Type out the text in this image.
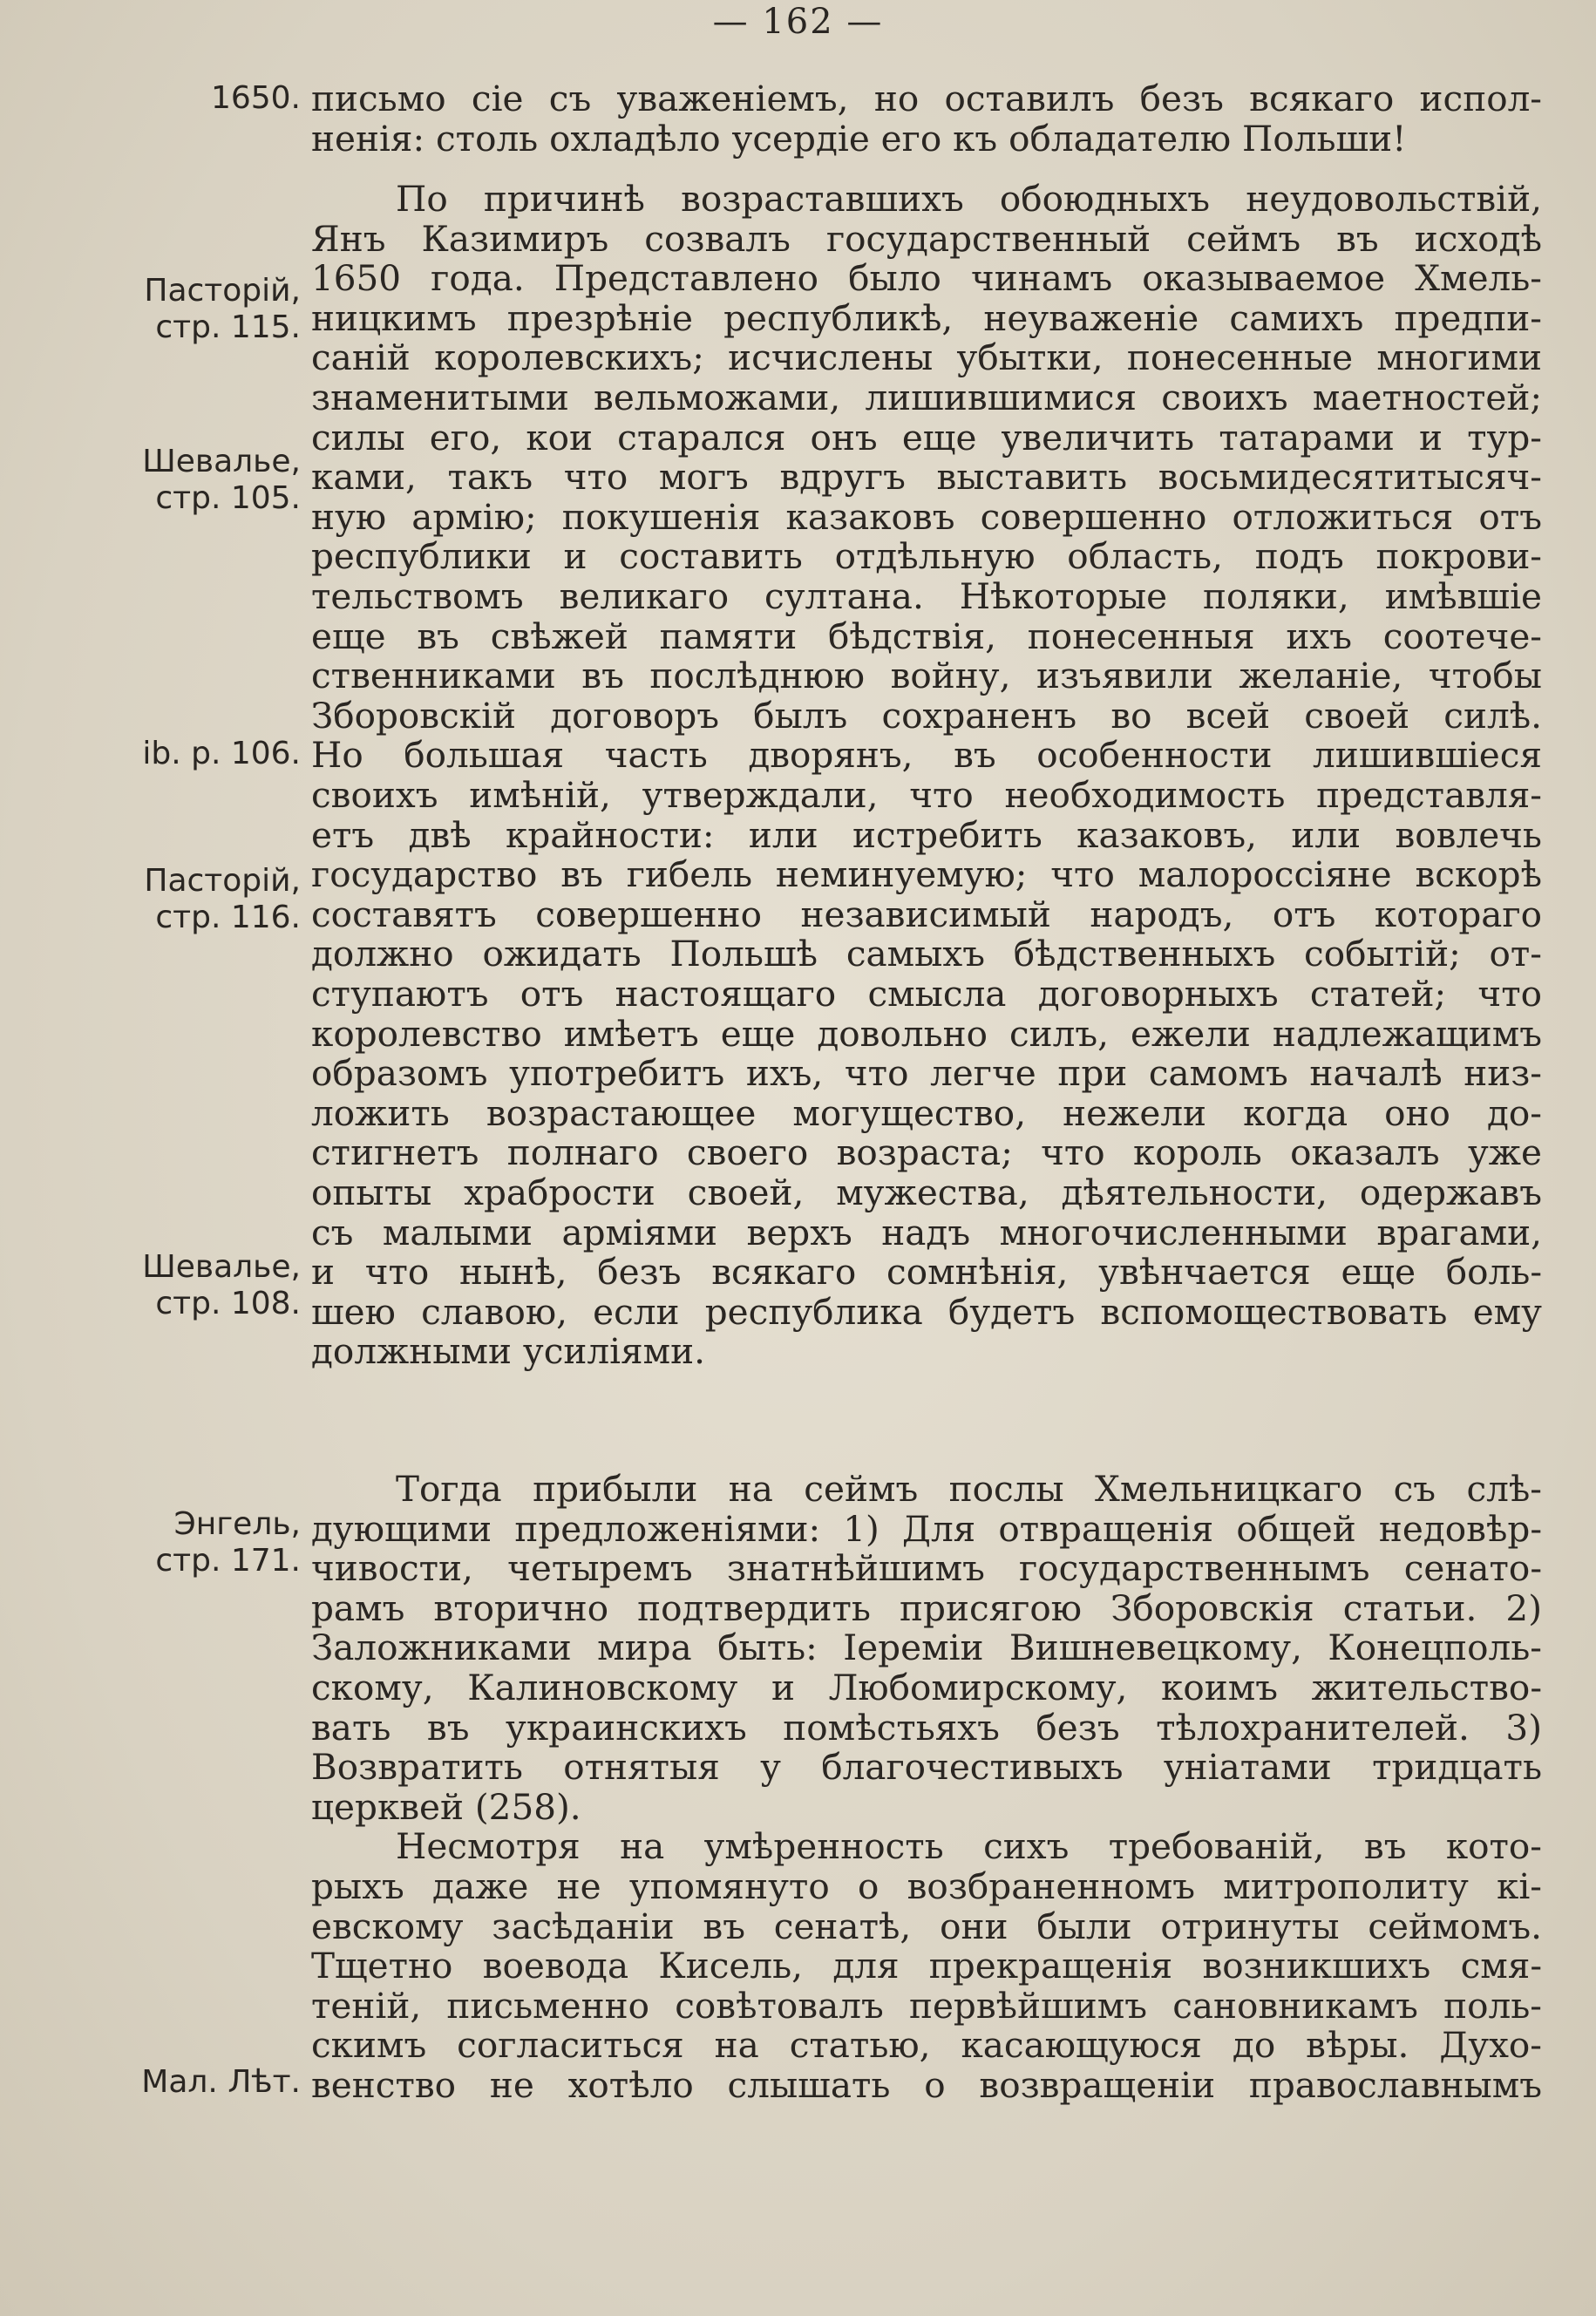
— 162 —
1650.
Пасторій,
стр. 115.
Шевалье,
стр. 105.
ib. p. 106.
Пасторій,
стр. 116.
Шевалье,
стр. 108.
Энгель,
стр. 171.
Мал. Лѣт.
письмо сіе съ уваженіемъ, но оставилъ безъ всякаго испол-
ненія: столь охладѣло усердіе его къ обладателю Польши!
По причинѣ возраставшихъ обоюдныхъ неудовольствій,
Янъ Казимиръ созвалъ государственный сеймъ въ исходѣ
1650 года. Представлено было чинамъ оказываемое Хмель-
ницкимъ презрѣніе республикѣ, неуваженіе самихъ предпи-
саній королевскихъ; исчислены убытки, понесенные многими
знаменитыми вельможами, лишившимися своихъ маетностей;
силы его, кои старался онъ еще увеличить татарами и тур-
ками, такъ что могъ вдругъ выставить восьмидесятитысяч-
ную армію; покушенія казаковъ совершенно отложиться отъ
республики и составить отдѣльную область, подъ покрови-
тельствомъ великаго султана. Нѣкоторые поляки, имѣвшіе
еще въ свѣжей памяти бѣдствія, понесенныя ихъ соотече-
ственниками въ послѣднюю войну, изъявили желаніе, чтобы
Зборовскій договоръ былъ сохраненъ во всей своей силѣ.
Но большая часть дворянъ, въ особенности лишившіеся
своихъ имѣній, утверждали, что необходимость представля-
етъ двѣ крайности: или истребить казаковъ, или вовлечь
государство въ гибель неминуемую; что малороссіяне вскорѣ
составятъ совершенно независимый народъ, отъ котораго
должно ожидать Польшѣ самыхъ бѣдственныхъ событій; от-
ступаютъ отъ настоящаго смысла договорныхъ статей; что
королевство имѣетъ еще довольно силъ, ежели надлежащимъ
образомъ употребитъ ихъ, что легче при самомъ началѣ низ-
ложить возрастающее могущество, нежели когда оно до-
стигнетъ полнаго своего возраста; что король оказалъ уже
опыты храбрости своей, мужества, дѣятельности, одержавъ
съ малыми арміями верхъ надъ многочисленными врагами,
и что нынѣ, безъ всякаго сомнѣнія, увѣнчается еще боль-
шею славою, если республика будетъ вспомоществовать ему
должными усиліями.
Тогда прибыли на сеймъ послы Хмельницкаго съ слѣ-
дующими предложеніями: 1) Для отвращенія общей недовѣр-
чивости, четыремъ знатнѣйшимъ государственнымъ сенато-
рамъ вторично подтвердить присягою Зборовскія статьи. 2)
Заложниками мира быть: Іереміи Вишневецкому, Конецполь-
скому, Калиновскому и Любомирскому, коимъ жительство-
вать въ украинскихъ помѣстьяхъ безъ тѣлохранителей. 3)
Возвратить отнятыя у благочестивыхъ уніатами тридцать
церквей (258).
Несмотря на умѣренность сихъ требованій, въ кото-
рыхъ даже не упомянуто о возбраненномъ митрополиту кі-
евскому засѣданіи въ сенатѣ, они были отринуты сеймомъ.
Тщетно воевода Кисель, для прекращенія возникшихъ смя-
теній, письменно совѣтовалъ первѣйшимъ сановникамъ поль-
скимъ согласиться на статью, касающуюся до вѣры. Духо-
венство не хотѣло слышать о возвращеніи православнымъ
